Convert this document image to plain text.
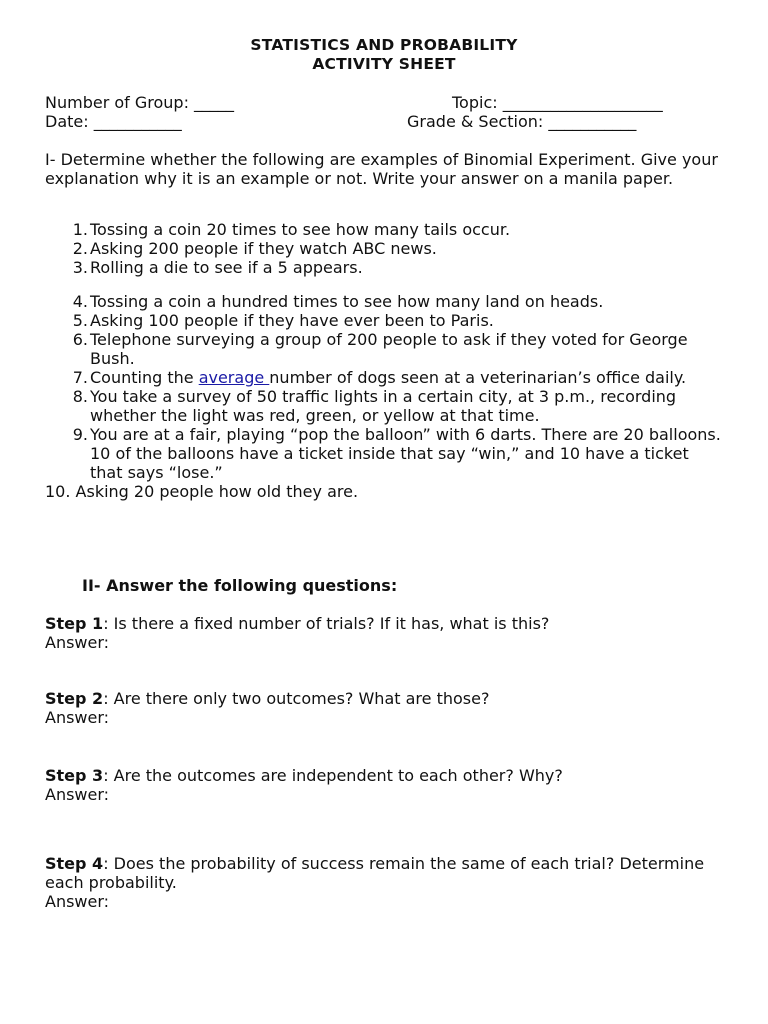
STATISTICS AND PROBABILITY
ACTIVITY SHEET
Number of Group: _____	Topic: ____________________
Date: ___________	Grade & Section: ___________
I- Determine whether the following are examples of Binomial Experiment. Give your explanation why it is an example or not. Write your answer on a manila paper.
1. Tossing a coin 20 times to see how many tails occur.
2. Asking 200 people if they watch ABC news.
3. Rolling a die to see if a 5 appears.
4. Tossing a coin a hundred times to see how many land on heads.
5. Asking 100 people if they have ever been to Paris.
6. Telephone surveying a group of 200 people to ask if they voted for George Bush.
7. Counting the average number of dogs seen at a veterinarian’s office daily.
8. You take a survey of 50 traffic lights in a certain city, at 3 p.m., recording whether the light was red, green, or yellow at that time.
9. You are at a fair, playing “pop the balloon” with 6 darts. There are 20 balloons. 10 of the balloons have a ticket inside that say “win,” and 10 have a ticket that says “lose.”
10. Asking 20 people how old they are.
II- Answer the following questions:
Step 1: Is there a fixed number of trials? If it has, what is this?
Answer:
Step 2: Are there only two outcomes? What are those?
Answer:
Step 3: Are the outcomes are independent to each other? Why?
Answer:
Step 4: Does the probability of success remain the same of each trial? Determine each probability.
Answer:
